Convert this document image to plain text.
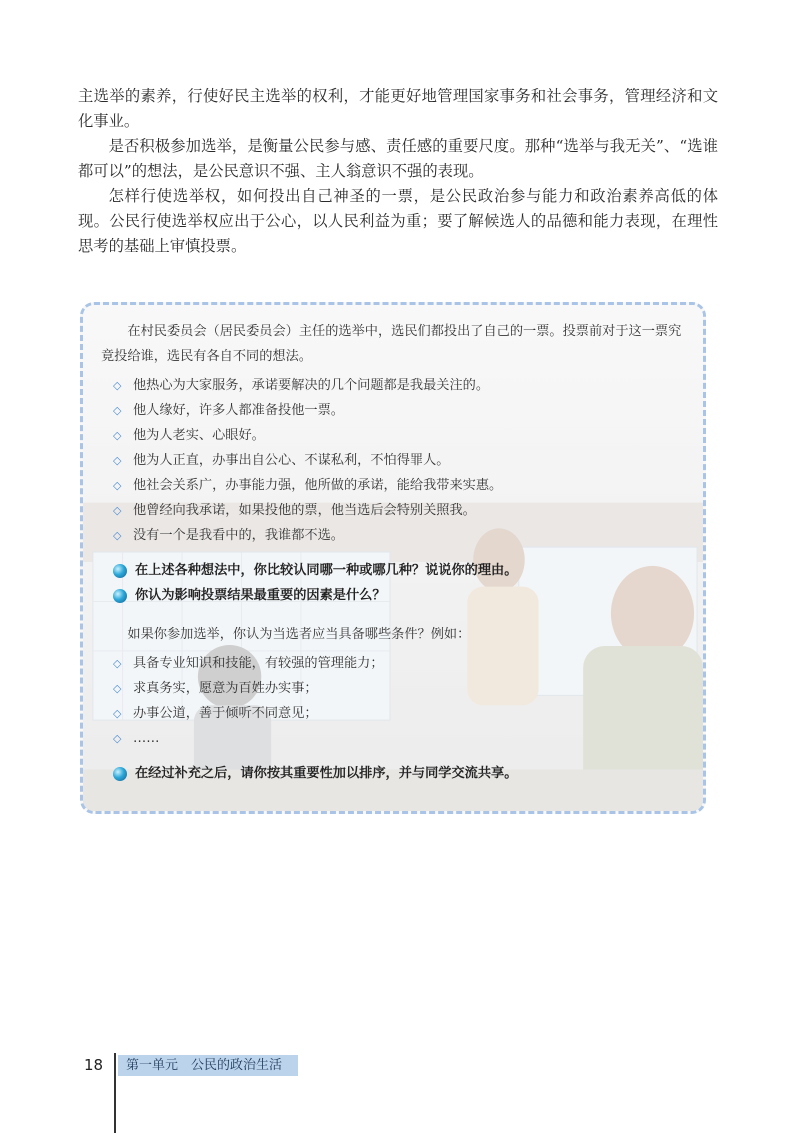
主选举的素养，行使好民主选举的权利，才能更好地管理国家事务和社会事务，管理经济和文化事业。

是否积极参加选举，是衡量公民参与感、责任感的重要尺度。那种“选举与我无关”、“选谁都可以”的想法，是公民意识不强、主人翁意识不强的表现。

怎样行使选举权，如何投出自己神圣的一票，是公民政治参与能力和政治素养高低的体现。公民行使选举权应出于公心，以人民利益为重；要了解候选人的品德和能力表现，在理性思考的基础上审慎投票。

在村民委员会（居民委员会）主任的选举中，选民们都投出了自己的一票。投票前对于这一票究竟投给谁，选民有各自不同的想法。

◇ 他热心为大家服务，承诺要解决的几个问题都是我最关注的。
◇ 他人缘好，许多人都准备投他一票。
◇ 他为人老实、心眼好。
◇ 他为人正直，办事出自公心、不谋私利，不怕得罪人。
◇ 他社会关系广，办事能力强，他所做的承诺，能给我带来实惠。
◇ 他曾经向我承诺，如果投他的票，他当选后会特别关照我。
◇ 没有一个是我看中的，我谁都不选。
在上述各种想法中，你比较认同哪一种或哪几种？说说你的理由。
你认为影响投票结果最重要的因素是什么？

如果你参加选举，你认为当选者应当具备哪些条件？例如：

◇ 具备专业知识和技能，有较强的管理能力；
◇ 求真务实，愿意为百姓办实事；
◇ 办事公道，善于倾听不同意见；
◇ ……
在经过补充之后，请你按其重要性加以排序，并与同学交流共享。
18	第一单元　公民的政治生活
